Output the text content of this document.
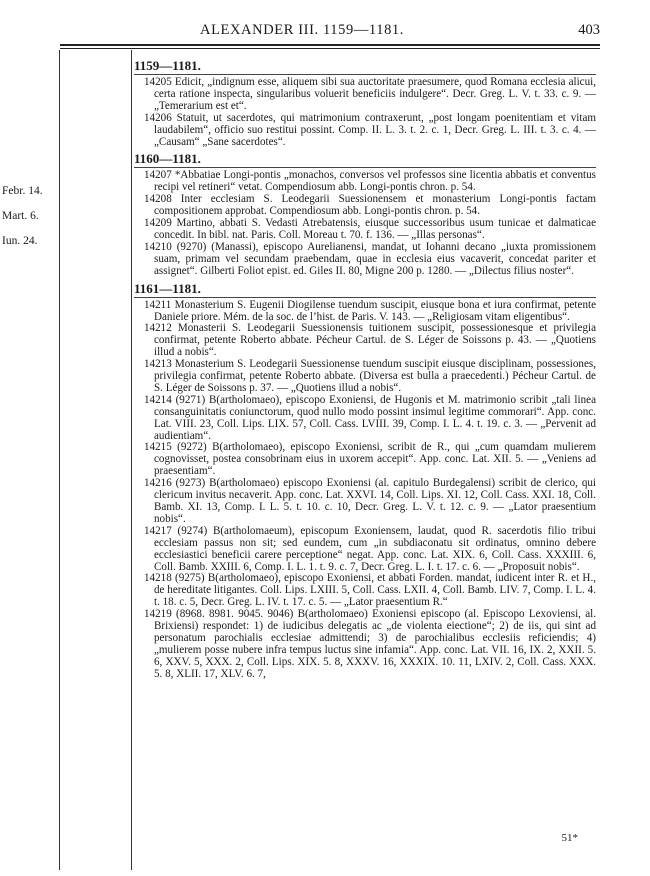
ALEXANDER III. 1159—1181.	403
Febr. 14.
Mart. 6.
Iun. 24.
1159—1181.
14205 Edicit, „indignum esse, aliquem sibi sua auctoritate praesumere, quod Romana ecclesia alicui, certa ratione inspecta, singularibus voluerit beneficiis indulgere“. Decr. Greg. L. V. t. 33. c. 9. — „Temerarium est et“.
14206 Statuit, ut sacerdotes, qui matrimonium contraxerunt, „post longam poenitentiam et vitam laudabilem“, officio suo restitui possint. Comp. II. L. 3. t. 2. c. 1, Decr. Greg. L. III. t. 3. c. 4. — „Causam“ „Sane sacerdotes“.
1160—1181.
14207 *Abbatiae Longi-pontis „monachos, conversos vel professos sine licentia abbatis et conventus recipi vel retineri“ vetat. Compendiosum abb. Longi-pontis chron. p. 54.
14208 Inter ecclesiam S. Leodegarii Suessionensem et monasterium Longi-pontis factam compositionem approbat. Compendiosum abb. Longi-pontis chron. p. 54.
14209 Martino, abbati S. Vedasti Atrebatensis, eiusque successoribus usum tunicae et dalmaticae concedit. In bibl. nat. Paris. Coll. Moreau t. 70. f. 136. — „Illas personas“.
14210 (9270) (Manassi), episcopo Aurelianensi, mandat, ut Iohanni decano „iuxta promissionem suam, primam vel secundam praebendam, quae in ecclesia eius vacaverit, concedat pariter et assignet“. Gilberti Foliot epist. ed. Giles II. 80, Migne 200 p. 1280. — „Dilectus filius noster“.
1161—1181.
14211 Monasterium S. Eugenii Diogilense tuendum suscipit, eiusque bona et iura confirmat, petente Daniele priore. Mém. de la soc. de l’hist. de Paris. V. 143. — „Religiosam vitam eligentibus“.
14212 Monasterii S. Leodegarii Suessionensis tuitionem suscipit, possessionesque et privilegia confirmat, petente Roberto abbate. Pécheur Cartul. de S. Léger de Soissons p. 43. — „Quotiens illud a nobis“.
14213 Monasterium S. Leodegarii Suessionense tuendum suscipit eiusque disciplinam, possessiones, privilegia confirmat, petente Roberto abbate. (Diversa est bulla a praecedenti.) Pécheur Cartul. de S. Léger de Soissons p. 37. — „Quotiens illud a nobis“.
14214 (9271) B(artholomaeo), episcopo Exoniensi, de Hugonis et M. matrimonio scribit „tali linea consanguinitatis coniunctorum, quod nullo modo possint insimul legitime commorari“. App. conc. Lat. VIII. 23, Coll. Lips. LIX. 57, Coll. Cass. LVIII. 39, Comp. I. L. 4. t. 19. c. 3. — „Pervenit ad audientiam“.
14215 (9272) B(artholomaeo), episcopo Exoniensi, scribit de R., qui „cum quamdam mulierem cognovisset, postea consobrinam eius in uxorem accepit“. App. conc. Lat. XII. 5. — „Veniens ad praesentiam“.
14216 (9273) B(artholomaeo) episcopo Exoniensi (al. capitulo Burdegalensi) scribit de clerico, qui clericum invitus necaverit. App. conc. Lat. XXVI. 14, Coll. Lips. XI. 12, Coll. Cass. XXI. 18, Coll. Bamb. XI. 13, Comp. I. L. 5. t. 10. c. 10, Decr. Greg. L. V. t. 12. c. 9. — „Lator praesentium nobis“.
14217 (9274) B(artholomaeum), episcopum Exoniensem, laudat, quod R. sacerdotis filio tribui ecclesiam passus non sit; sed eundem, cum „in subdiaconatu sit ordinatus, omnino debere ecclesiastici beneficii carere perceptione“ negat. App. conc. Lat. XIX. 6, Coll. Cass. XXXIII. 6, Coll. Bamb. XXIII. 6, Comp. I. L. 1. t. 9. c. 7, Decr. Greg. L. I. t. 17. c. 6. — „Proposuit nobis“.
14218 (9275) B(artholomaeo), episcopo Exoniensi, et abbati Forden. mandat, iudicent inter R. et H., de hereditate litigantes. Coll. Lips. LXIII. 5, Coll. Cass. LXII. 4, Coll. Bamb. LIV. 7, Comp. I. L. 4. t. 18. c. 5, Decr. Greg. L. IV. t. 17. c. 5. — „Lator praesentium R.“
14219 (8968. 8981. 9045. 9046) B(artholomaeo) Exoniensi episcopo (al. Episcopo Lexoviensi, al. Brixiensi) respondet: 1) de iudicibus delegatis ac „de violenta eiectione“; 2) de iis, qui sint ad personatum parochialis ecclesiae admittendi; 3) de parochialibus ecclesiis reficiendis; 4) „mulierem posse nubere infra tempus luctus sine infamia“. App. conc. Lat. VII. 16, IX. 2, XXII. 5. 6, XXV. 5, XXX. 2, Coll. Lips. XIX. 5. 8, XXXV. 16, XXXIX. 10. 11, LXIV. 2, Coll. Cass. XXX. 5. 8, XLII. 17, XLV. 6. 7,
51*
